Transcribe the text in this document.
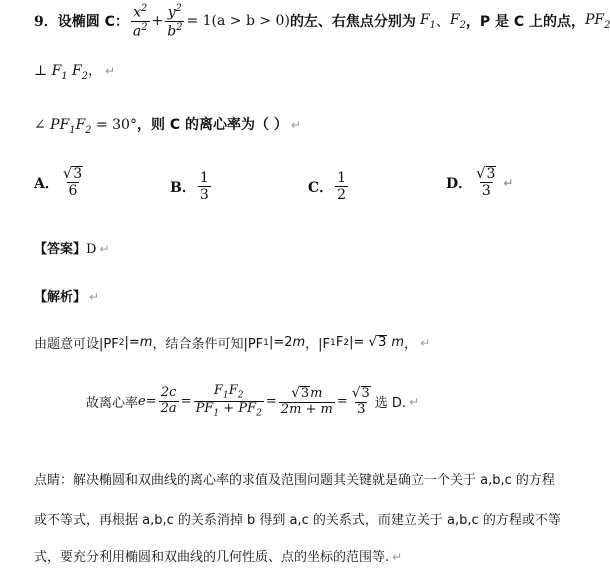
9． 设椭圆 C： $\frac{x^2}{a^2} + \frac{y^2}{b^2} = 1(a > b > 0)$ 的左、右焦点分别为 $F_1$ 、 $F_2$ ，P 是 C 上的点， $PF_2$
⊥ $F_1$ $F_2$， ↵
∠ $PF_1F_2 = 30^\circ$，则 C 的离心率为（ ） ↵
A． $\frac{√ 3}{6}$	B． $\frac{1}{3}$	C． $\frac{1}{2}$	D． $\frac{√ 3}{3}$ ↵
【答案】D ↵
【解析】 ↵
由题意可设|PF 2 |= m ，结合条件可知|PF 1 |=2 m ，|F 1 F 2 |= √ 3 m ， ↵
故离心率 $e = \frac{2c}{2a} = \frac{F_1F_2}{PF_1 + PF_2} = \frac{√ 3 m}{2m + m} = \frac{√ 3}{3}$ 选 D. ↵
点睛：解决椭圆和双曲线的离心率的求值及范围问题其关键就是确立一个关于 a,b,c 的方程
或不等式，再根据 a,b,c 的关系消掉 b 得到 a,c 的关系式，而建立关于 a,b,c 的方程或不等
式，要充分利用椭圆和双曲线的几何性质、点的坐标的范围等. ↵
